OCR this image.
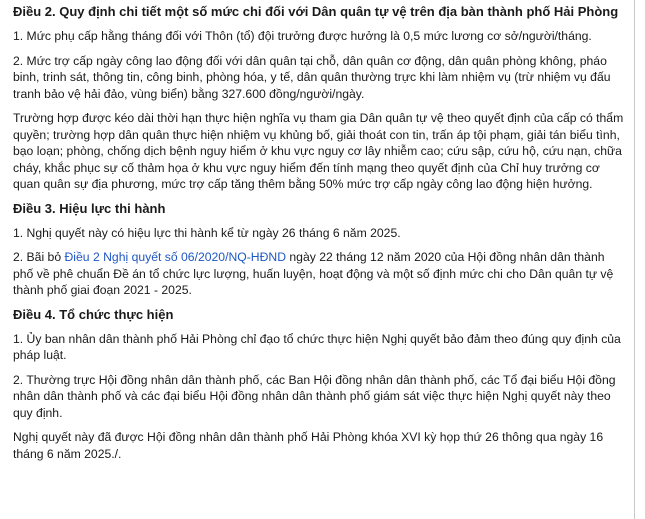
Điều 2. Quy định chi tiết một số mức chi đối với Dân quân tự vệ trên địa bàn thành phố Hải Phòng
1. Mức phụ cấp hằng tháng đối với Thôn (tổ) đội trưởng được hưởng là 0,5 mức lương cơ sở/người/tháng.
2. Mức trợ cấp ngày công lao động đối với dân quân tại chỗ, dân quân cơ động, dân quân phòng không, pháo binh, trinh sát, thông tin, công binh, phòng hóa, y tế, dân quân thường trực khi làm nhiệm vụ (trừ nhiệm vụ đấu tranh bảo vệ hải đảo, vùng biển) bằng 327.600 đồng/người/ngày.
Trường hợp được kéo dài thời hạn thực hiện nghĩa vụ tham gia Dân quân tự vệ theo quyết định của cấp có thẩm quyền; trường hợp dân quân thực hiện nhiệm vụ khủng bố, giải thoát con tin, trấn áp tội phạm, giải tán biểu tình, bạo loạn; phòng, chống dịch bệnh nguy hiểm ở khu vực nguy cơ lây nhiễm cao; cứu sập, cứu hộ, cứu nạn, chữa cháy, khắc phục sự cố thảm họa ở khu vực nguy hiểm đến tính mạng theo quyết định của Chỉ huy trưởng cơ quan quân sự địa phương, mức trợ cấp tăng thêm bằng 50% mức trợ cấp ngày công lao động hiện hưởng.
Điều 3. Hiệu lực thi hành
1. Nghị quyết này có hiệu lực thi hành kể từ ngày 26 tháng 6 năm 2025.
2. Bãi bỏ Điều 2 Nghị quyết số 06/2020/NQ-HĐND ngày 22 tháng 12 năm 2020 của Hội đồng nhân dân thành phố về phê chuẩn Đề án tổ chức lực lượng, huấn luyện, hoạt động và một số định mức chi cho Dân quân tự vệ thành phố giai đoạn 2021 - 2025.
Điều 4. Tổ chức thực hiện
1. Ủy ban nhân dân thành phố Hải Phòng chỉ đạo tổ chức thực hiện Nghị quyết bảo đảm theo đúng quy định của pháp luật.
2. Thường trực Hội đồng nhân dân thành phố, các Ban Hội đồng nhân dân thành phố, các Tổ đại biểu Hội đồng nhân dân thành phố và các đại biểu Hội đồng nhân dân thành phố giám sát việc thực hiện Nghị quyết này theo quy định.
Nghị quyết này đã được Hội đồng nhân dân thành phố Hải Phòng khóa XVI kỳ họp thứ 26 thông qua ngày 16 tháng 6 năm 2025./.
